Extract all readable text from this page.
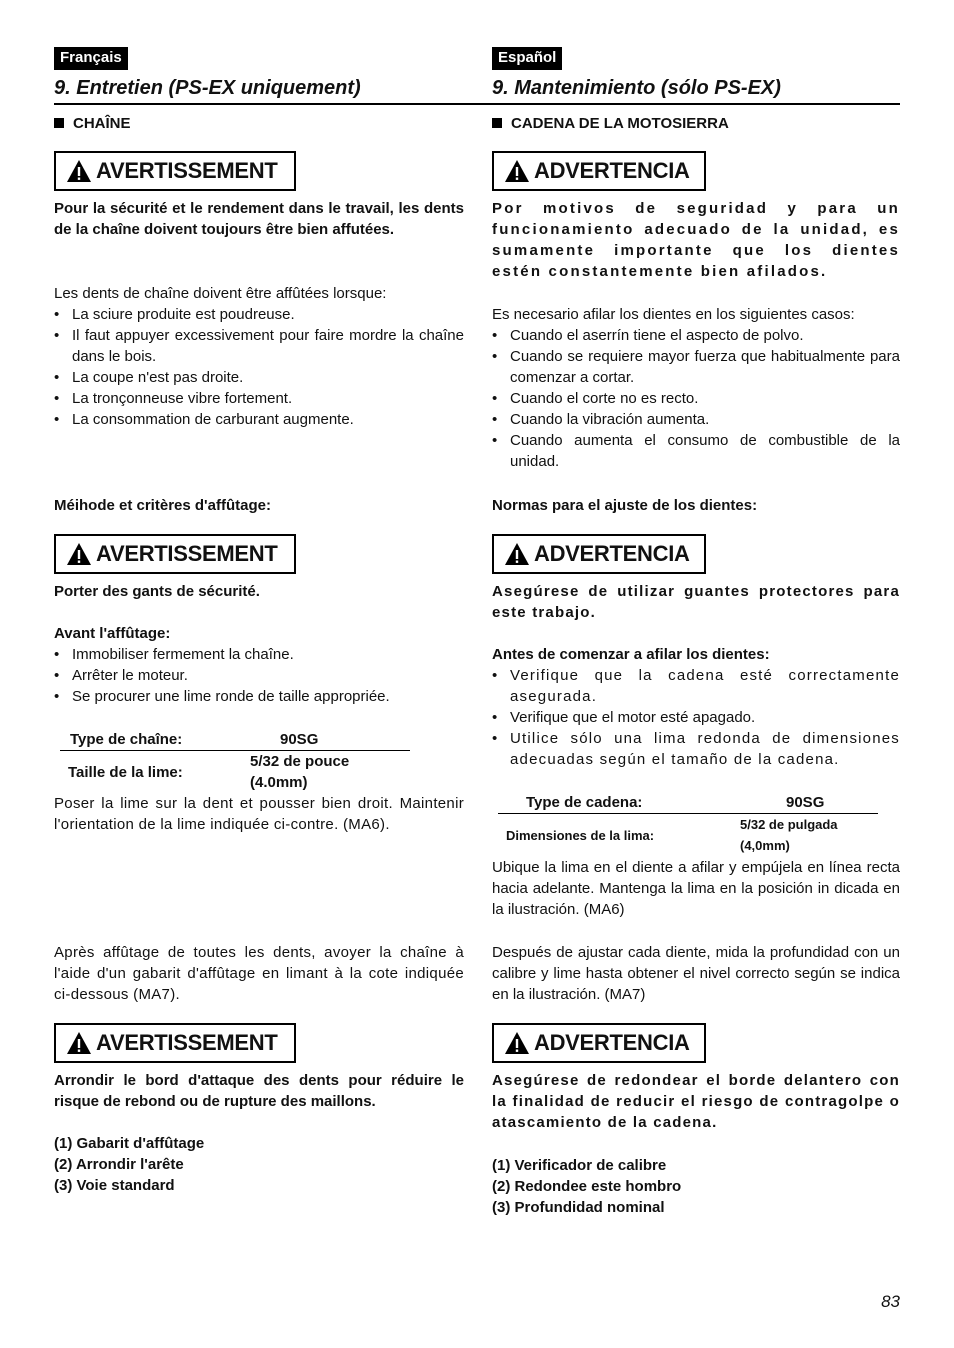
Français
9. Entretien (PS-EX uniquement)
CHAÎNE
AVERTISSEMENT
Pour la sécurité et le rendement dans le travail, les dents de la chaîne doivent toujours être bien affutées.
Les dents de chaîne doivent être affûtées lorsque:
• La sciure produite est poudreuse.
• Il faut appuyer excessivement pour faire mordre la chaîne dans le bois.
• La coupe n'est pas droite.
• La tronçonneuse vibre fortement.
• La consommation de carburant augmente.
Méihode et critères d'affûtage:
AVERTISSEMENT
Porter des gants de sécurité.
Avant l'affûtage:
• Immobiliser fermement la chaîne.
• Arrêter le moteur.
• Se procurer une lime ronde de taille appropriée.
Type de chaîne:	90SG
Taille de la lime:	5/32 de pouce (4.0mm)
Poser la lime sur la dent et pousser bien droit. Maintenir l'orientation de la lime indiquée ci-contre. (MA6).
Après affûtage de toutes les dents, avoyer la chaîne à l'aide d'un gabarit d'affûtage en limant à la cote indiquée ci-dessous (MA7).
AVERTISSEMENT
Arrondir le bord d'attaque des dents pour réduire le risque de rebond ou de rupture des maillons.
(1) Gabarit d'affûtage
(2) Arrondir l'arête
(3) Voie standard
Español
9. Mantenimiento (sólo PS-EX)
CADENA DE LA MOTOSIERRA
ADVERTENCIA
Por motivos de seguridad y para un funcionamiento adecuado de la unidad, es sumamente importante que los dientes estén constantemente bien afilados.
Es necesario afilar los dientes en los siguientes casos:
• Cuando el aserrín tiene el aspecto de polvo.
• Cuando se requiere mayor fuerza que habitualmente para comenzar a cortar.
• Cuando el corte no es recto.
• Cuando la vibración aumenta.
• Cuando aumenta el consumo de combustible de la unidad.
Normas para el ajuste de los dientes:
ADVERTENCIA
Asegúrese de utilizar guantes protectores para este trabajo.
Antes de comenzar a afilar los dientes:
• Verifique que la cadena esté correctamente asegurada.
• Verifique que el motor esté apagado.
• Utilice sólo una lima redonda de dimensiones adecuadas según el tamaño de la cadena.
Type de cadena:	90SG
Dimensiones de la lima:	5/32 de pulgada (4,0mm)
Ubique la lima en el diente a afilar y empújela en línea recta hacia adelante. Mantenga la lima en la posición in dicada en la ilustración. (MA6)
Después de ajustar cada diente, mida la profundidad con un calibre y lime hasta obtener el nivel correcto según se indica en la ilustración. (MA7)
ADVERTENCIA
Asegúrese de redondear el borde delantero con la finalidad de reducir el riesgo de contragolpe o atascamiento de la cadena.
(1) Verificador de calibre
(2) Redondee este hombro
(3) Profundidad nominal
83
